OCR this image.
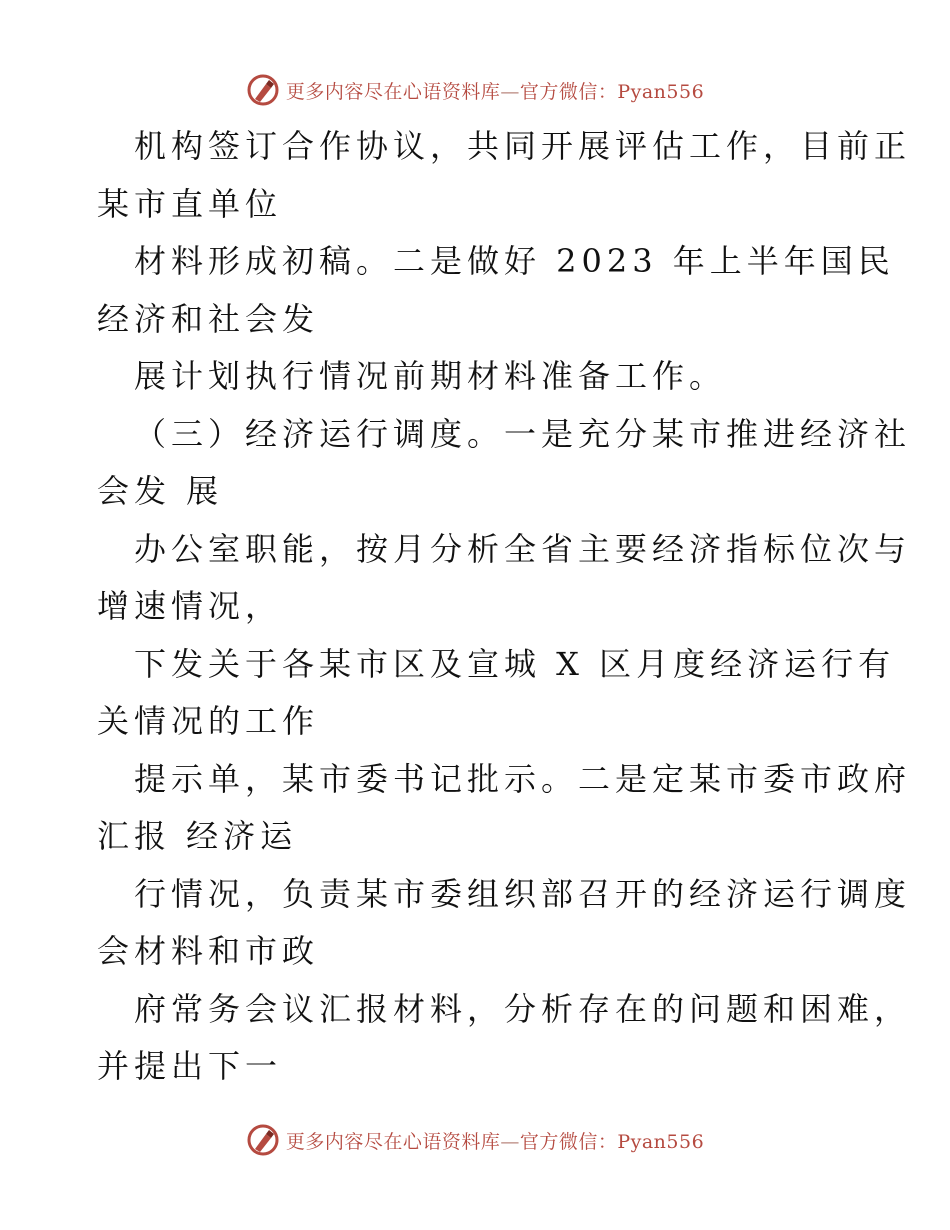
更多内容尽在心语资料库—官方微信：Pyan556
机构签订合作协议，共同开展评估工作，目前正
某市直单位
材料形成初稿。二是做好 2023 年上半年国民
经济和社会发
展计划执行情况前期材料准备工作。
（三）经济运行调度。一是充分某市推进经济社
会发 展
办公室职能，按月分析全省主要经济指标位次与
增速情况，
下发关于各某市区及宣城 X 区月度经济运行有
关情况的工作
提示单，某市委书记批示。二是定某市委市政府
汇报 经济运
行情况，负责某市委组织部召开的经济运行调度
会材料和市政
府常务会议汇报材料，分析存在的问题和困难，
并提出下一
更多内容尽在心语资料库—官方微信：Pyan556
